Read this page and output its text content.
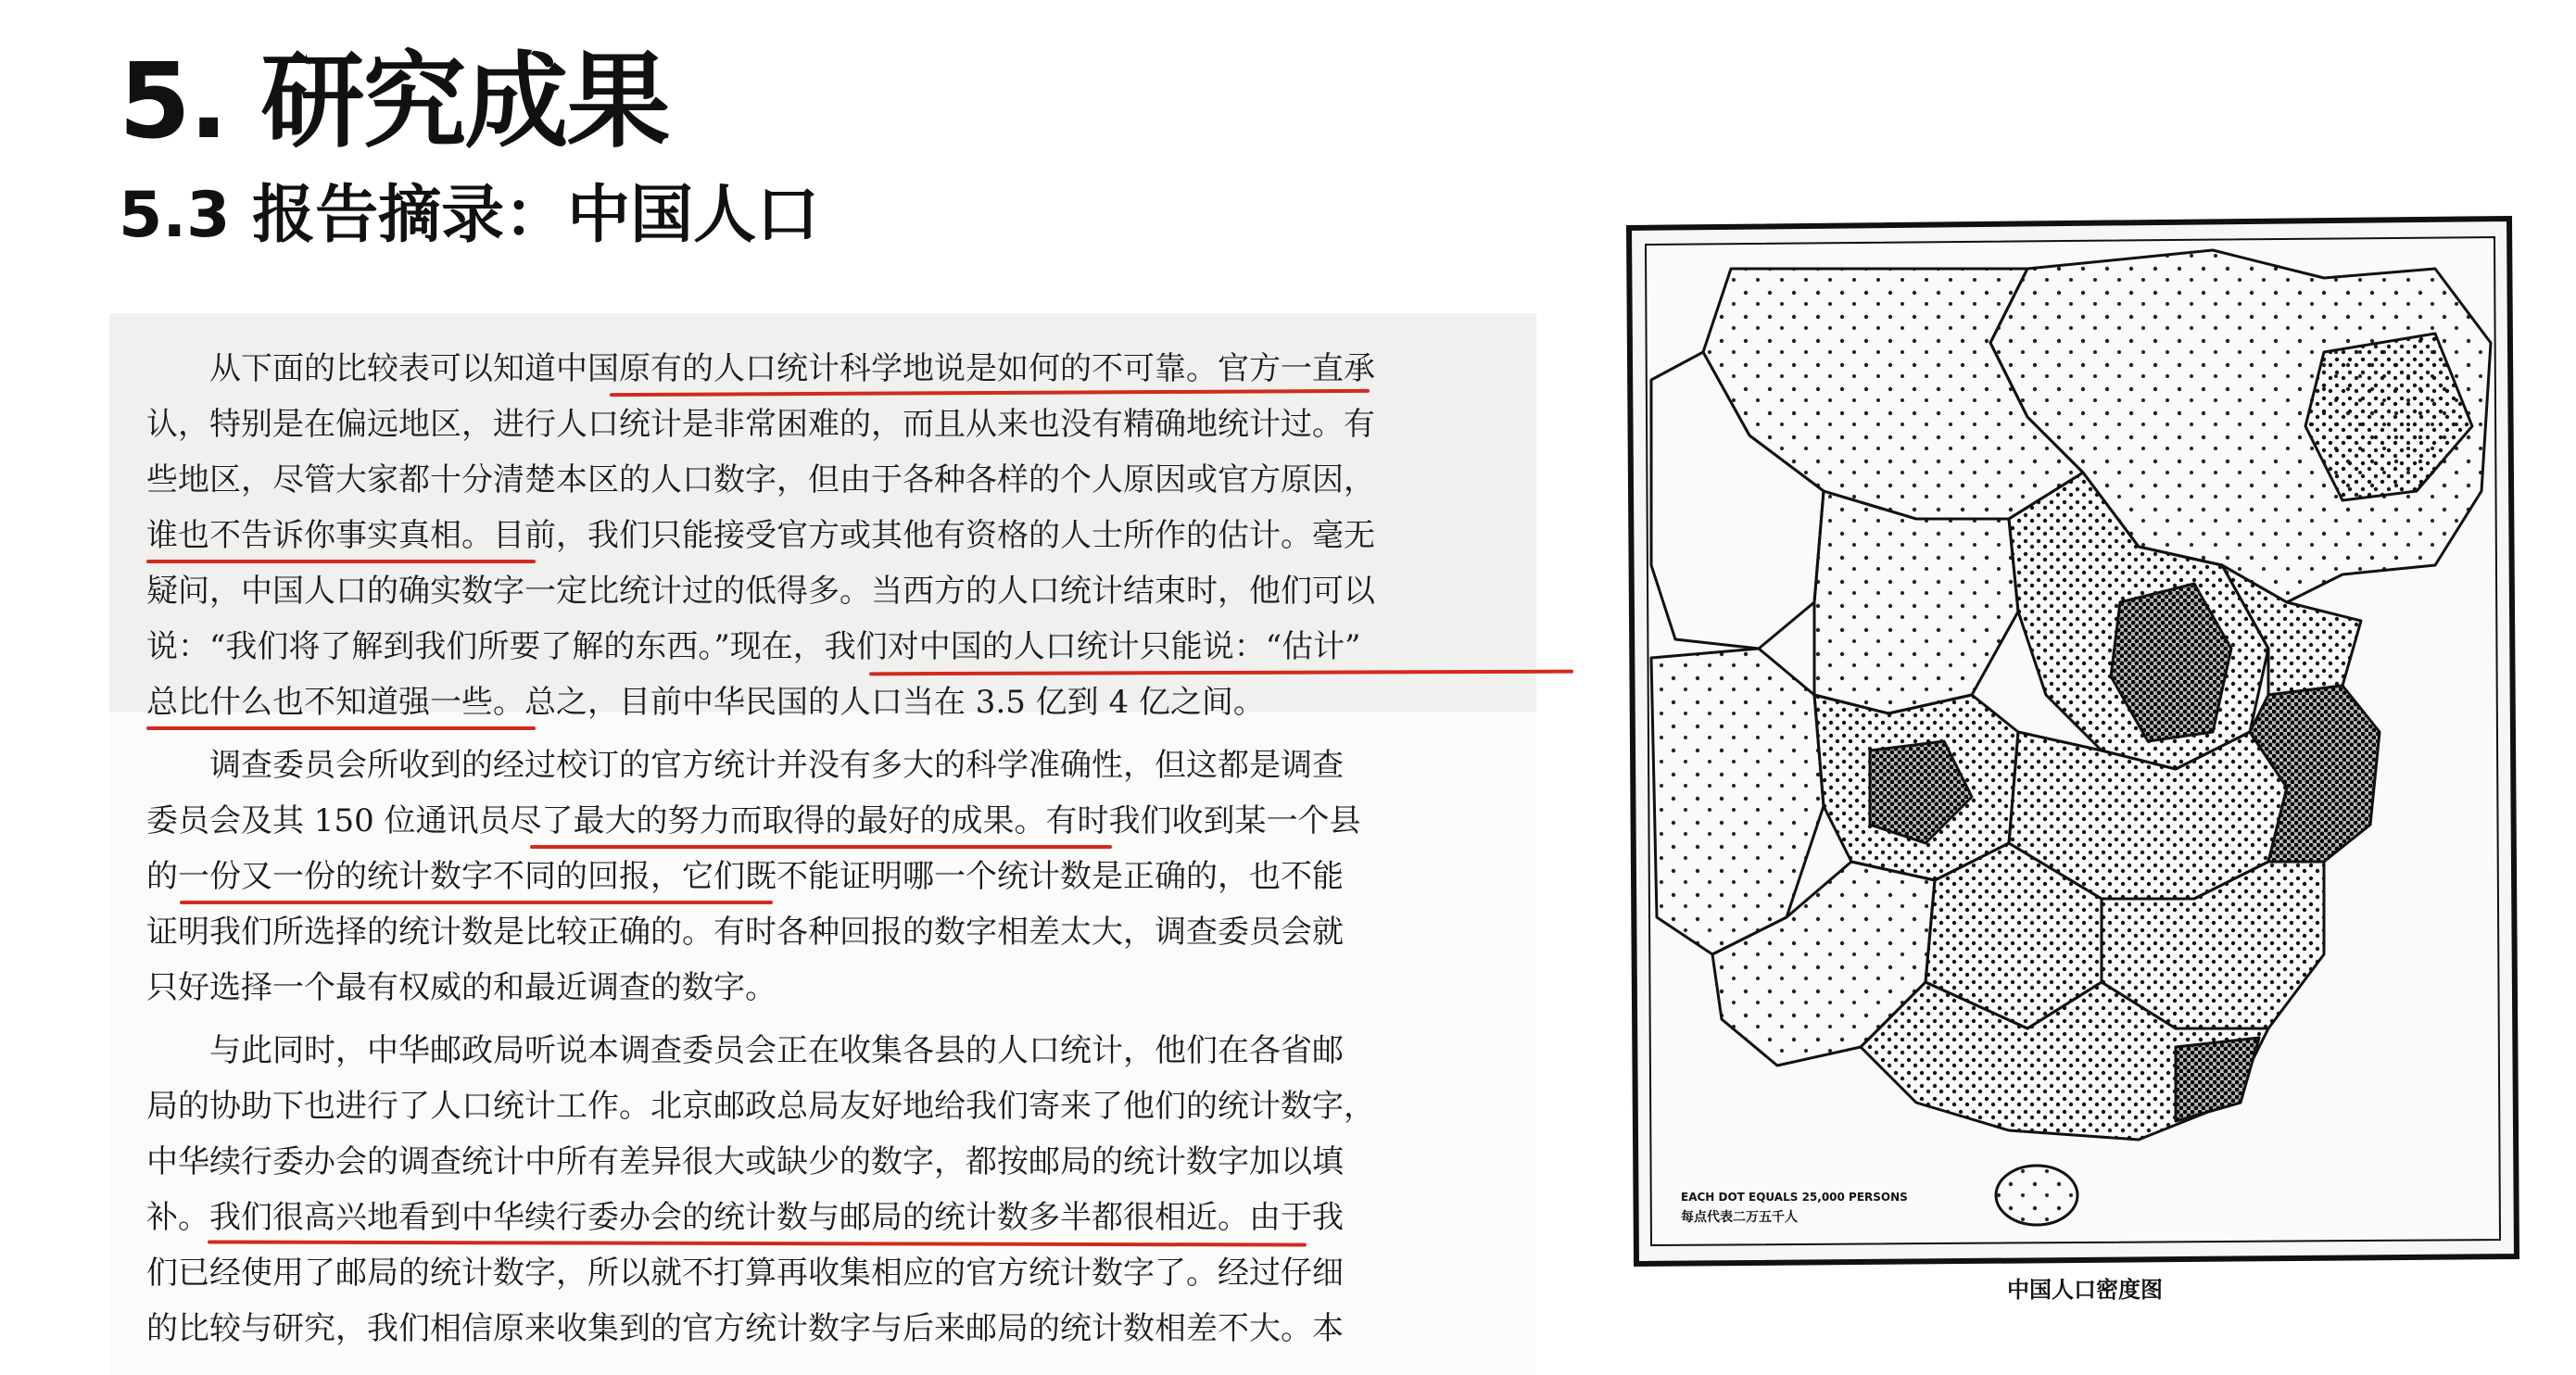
5. 研究成果
5.3 报告摘录：中国人口
　　从下面的比较表可以知道中国原有的人口统计科学地说是如何的不可靠。官方一直承
认，特别是在偏远地区，进行人口统计是非常困难的，而且从来也没有精确地统计过。有
些地区，尽管大家都十分清楚本区的人口数字，但由于各种各样的个人原因或官方原因，
谁也不告诉你事实真相。目前，我们只能接受官方或其他有资格的人士所作的估计。毫无
疑问，中国人口的确实数字一定比统计过的低得多。当西方的人口统计结束时，他们可以
说：“我们将了解到我们所要了解的东西。”现在，我们对中国的人口统计只能说：“估计”
总比什么也不知道强一些。总之，目前中华民国的人口当在 3.5 亿到 4 亿之间。
　　调查委员会所收到的经过校订的官方统计并没有多大的科学准确性，但这都是调查
委员会及其 150 位通讯员尽了最大的努力而取得的最好的成果。有时我们收到某一个县
的一份又一份的统计数字不同的回报，它们既不能证明哪一个统计数是正确的，也不能
证明我们所选择的统计数是比较正确的。有时各种回报的数字相差太大，调查委员会就
只好选择一个最有权威的和最近调查的数字。
　　与此同时，中华邮政局听说本调查委员会正在收集各县的人口统计，他们在各省邮
局的协助下也进行了人口统计工作。北京邮政总局友好地给我们寄来了他们的统计数字，
中华续行委办会的调查统计中所有差异很大或缺少的数字，都按邮局的统计数字加以填
补。我们很高兴地看到中华续行委办会的统计数与邮局的统计数多半都很相近。由于我
们已经使用了邮局的统计数字，所以就不打算再收集相应的官方统计数字了。经过仔细
的比较与研究，我们相信原来收集到的官方统计数字与后来邮局的统计数相差不大。本
EACH DOT EQUALS 25,000 PERSONS
每点代表二万五千人
中国人口密度图
